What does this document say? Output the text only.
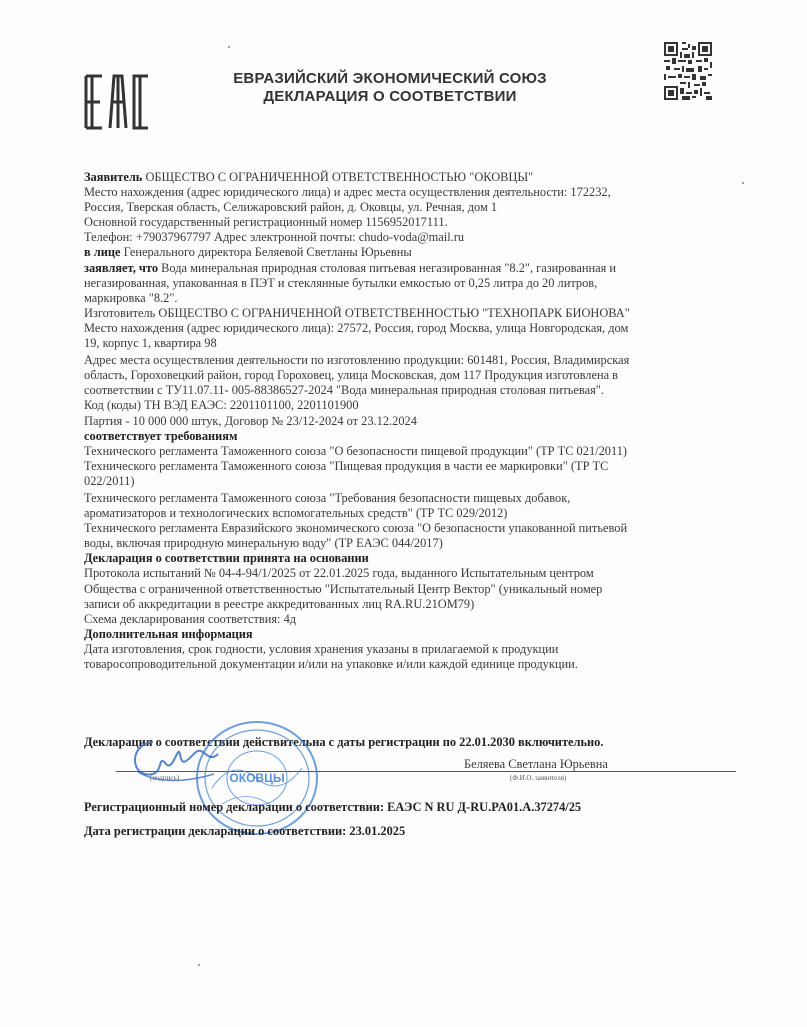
ЕВРАЗИЙСКИЙ ЭКОНОМИЧЕСКИЙ СОЮЗ
ДЕКЛАРАЦИЯ О СООТВЕТСТВИИ
Заявитель ОБЩЕСТВО С ОГРАНИЧЕННОЙ ОТВЕТСТВЕННОСТЬЮ "ОКОВЦЫ"
Место нахождения (адрес юридического лица) и адрес места осуществления деятельности: 172232,
Россия, Тверская область, Селижаровский район, д. Оковцы, ул. Речная, дом 1
Основной государственный регистрационный номер 1156952017111.
Телефон: +79037967797 Адрес электронной почты: chudo-voda@mail.ru
в лице Генерального директора Беляевой Светланы Юрьевны
заявляет, что Вода минеральная природная столовая питьевая негазированная "8.2", газированная и
негазированная, упакованная в ПЭТ и стеклянные бутылки емкостью от 0,25 литра до 20 литров,
маркировка "8.2".
Изготовитель ОБЩЕСТВО С ОГРАНИЧЕННОЙ ОТВЕТСТВЕННОСТЬЮ "ТЕХНОПАРК БИОНОВА"
Место нахождения (адрес юридического лица): 27572, Россия, город Москва, улица Новгородская, дом
19, корпус 1, квартира 98
Адрес места осуществления деятельности по изготовлению продукции: 601481, Россия, Владимирская
область, Гороховецкий район, город Гороховец, улица Московская, дом 117 Продукция изготовлена в
соответствии с ТУ11.07.11- 005-88386527-2024 "Вода минеральная природная столовая питьевая".
Код (коды) ТН ВЭД ЕАЭС: 2201101100, 2201101900
Партия - 10 000 000 штук, Договор № 23/12-2024 от 23.12.2024
соответствует требованиям
Технического регламента Таможенного союза "О безопасности пищевой продукции" (ТР ТС 021/2011)
Технического регламента Таможенного союза "Пищевая продукция в части ее маркировки" (ТР ТС
022/2011)
Технического регламента Таможенного союза "Требования безопасности пищевых добавок,
ароматизаторов и технологических вспомогательных средств" (ТР ТС 029/2012)
Технического регламента Евразийского экономического союза "О безопасности упакованной питьевой
воды, включая природную минеральную воду" (ТР ЕАЭС 044/2017)
Декларация о соответствии принята на основании
Протокола испытаний № 04-4-94/1/2025 от 22.01.2025 года, выданного Испытательным центром
Общества с ограниченной ответственностью "Испытательный Центр Вектор" (уникальный номер
записи об аккредитации в реестре аккредитованных лиц RA.RU.21OM79)
Схема декларирования соответствия: 4д
Дополнительная информация
Дата изготовления, срок годности, условия хранения указаны в прилагаемой к продукции
товаросопроводительной документации и/или на упаковке и/или каждой единице продукции.
Декларация о соответствии действительна с даты регистрации по 22.01.2030 включительно.
Беляева Светлана Юрьевна
(подпись)	(Ф.И.О. заявителя)
ОКОВЦЫ
Регистрационный номер декларации о соответствии: ЕАЭС N RU Д-RU.PA01.A.37274/25
Дата регистрации декларации о соответствии: 23.01.2025
